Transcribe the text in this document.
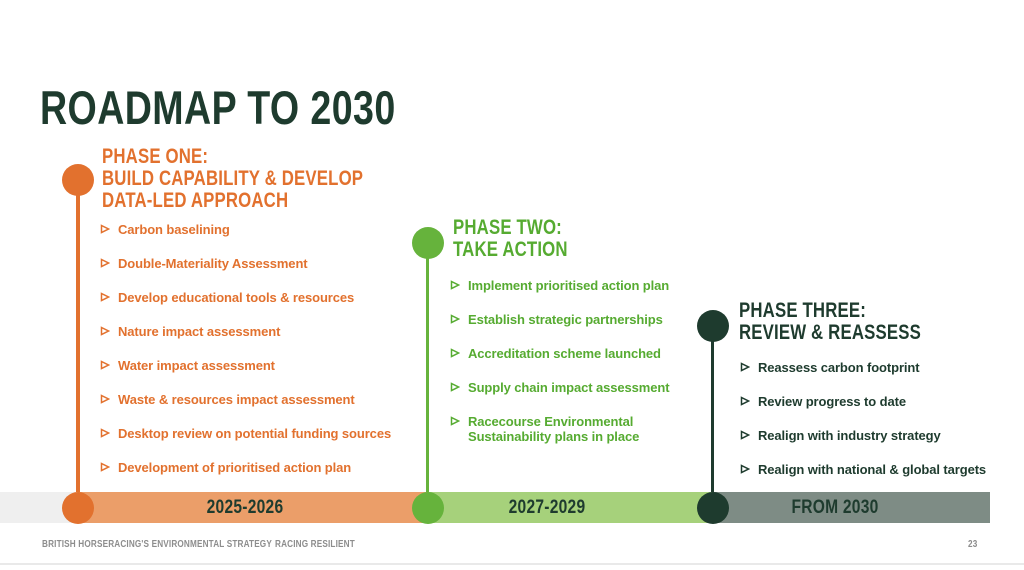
ROADMAP TO 2030
PHASE ONE:
BUILD CAPABILITY & DEVELOP
DATA-LED APPROACH
Carbon baselining
Double-Materiality Assessment
Develop educational tools & resources
Nature impact assessment
Water impact assessment
Waste & resources impact assessment
Desktop review on potential funding sources
Development of prioritised action plan
PHASE TWO:
TAKE ACTION
Implement prioritised action plan
Establish strategic partnerships
Accreditation scheme launched
Supply chain impact assessment
Racecourse Environmental Sustainability plans in place
PHASE THREE:
REVIEW & REASSESS
Reassess carbon footprint
Review progress to date
Realign with industry strategy
Realign with national & global targets
2025-2026	2027-2029	FROM 2030
BRITISH HORSERACING'S ENVIRONMENTAL STRATEGY RACING RESILIENT	23
